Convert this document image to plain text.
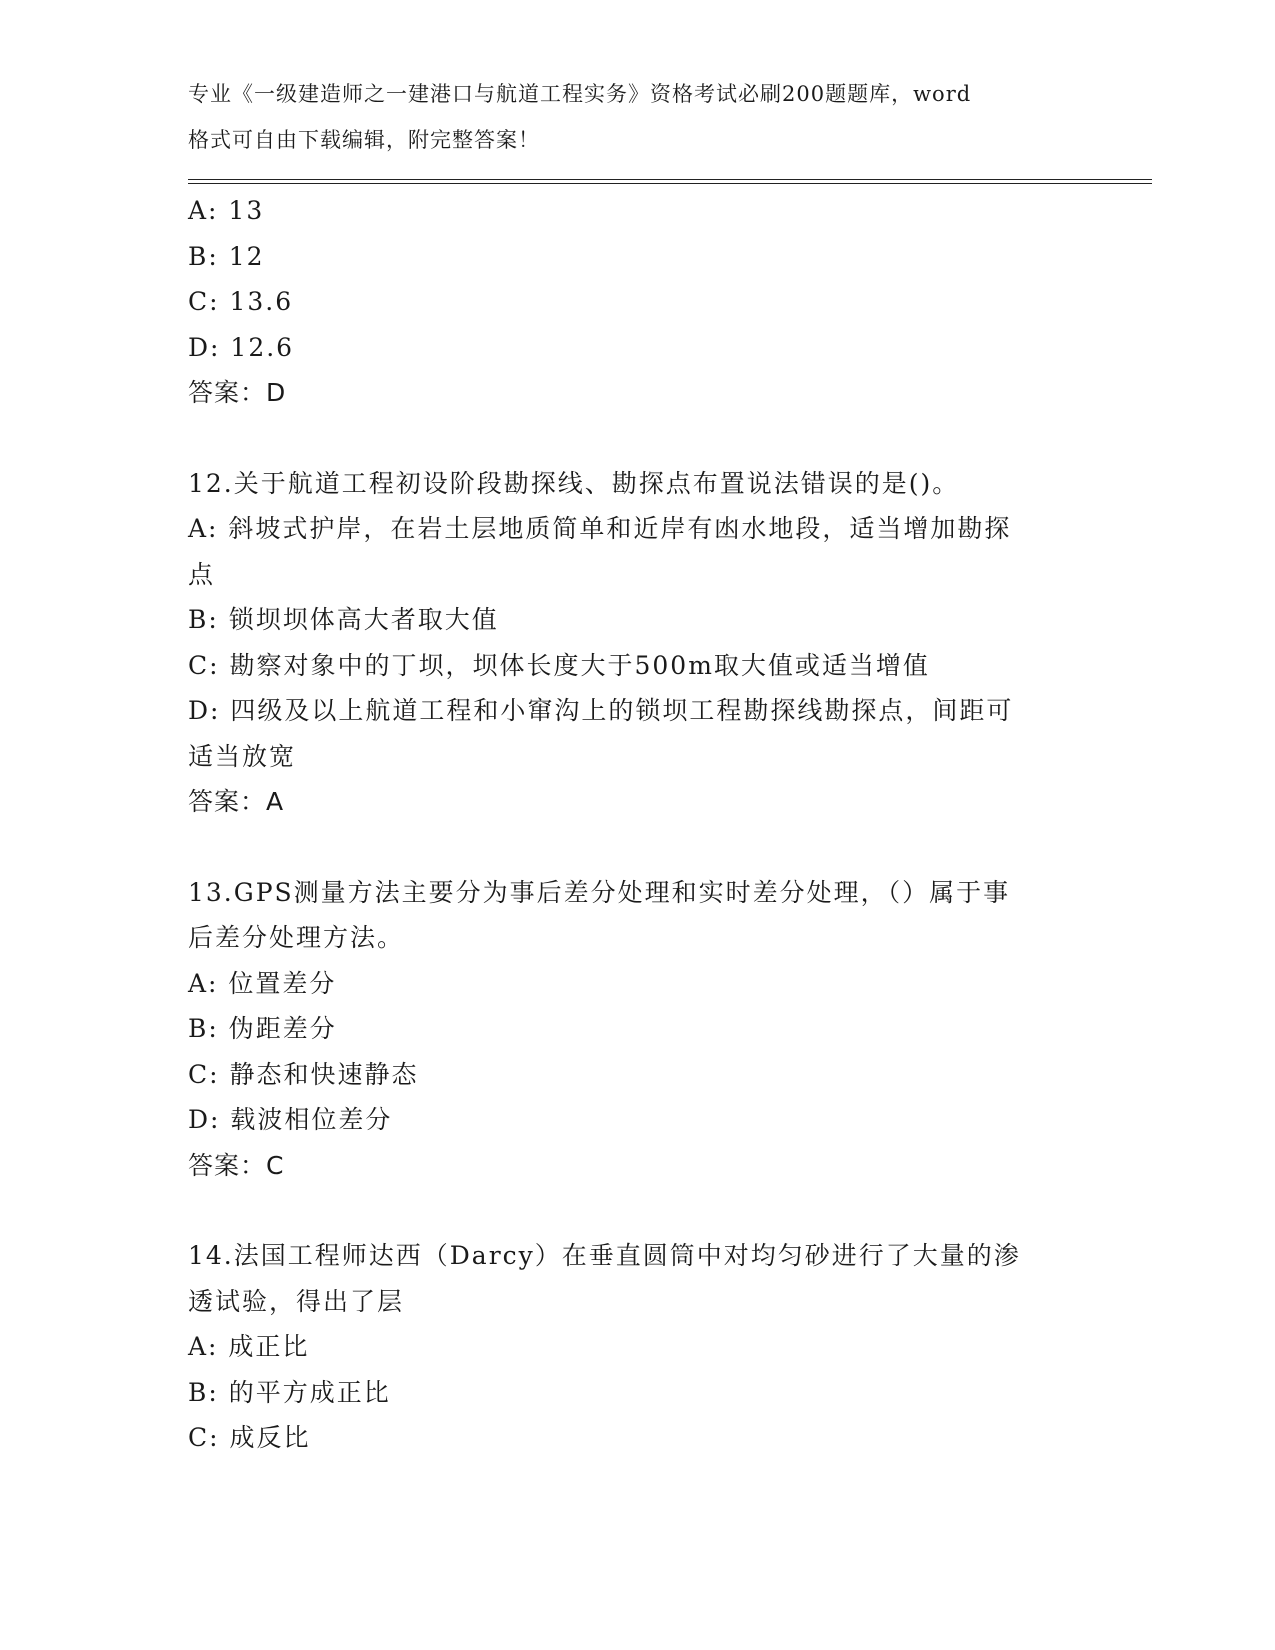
专业《一级建造师之一建港口与航道工程实务》资格考试必刷200题题库，word
格式可自由下载编辑，附完整答案！
A: 13
B: 12
C: 13.6
D: 12.6
答案：D
12.关于航道工程初设阶段勘探线、勘探点布置说法错误的是()。
A: 斜坡式护岸，在岩土层地质简单和近岸有凼水地段，适当增加勘探
点
B: 锁坝坝体高大者取大值
C: 勘察对象中的丁坝，坝体长度大于500m取大值或适当增值
D: 四级及以上航道工程和小窜沟上的锁坝工程勘探线勘探点，间距可
适当放宽
答案：A
13.GPS测量方法主要分为事后差分处理和实时差分处理，（）属于事
后差分处理方法。
A: 位置差分
B: 伪距差分
C: 静态和快速静态
D: 载波相位差分
答案：C
14.法国工程师达西（Darcy）在垂直圆筒中对均匀砂进行了大量的渗
透试验，得出了层
A: 成正比
B: 的平方成正比
C: 成反比
